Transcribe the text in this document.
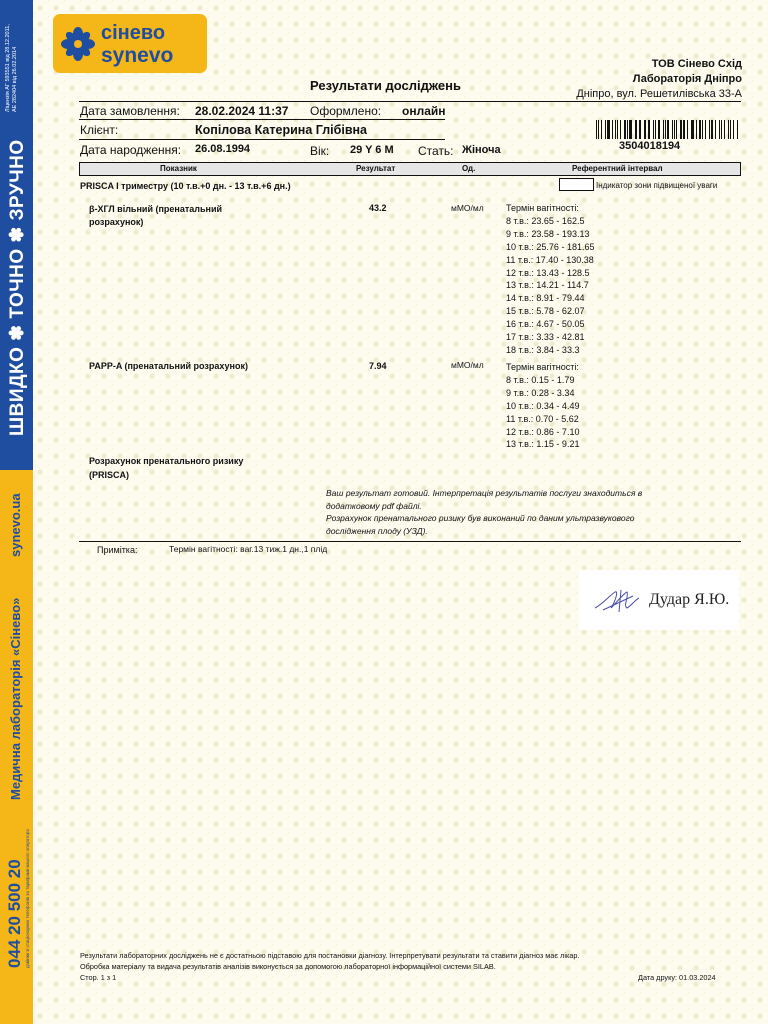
Ліцензія АГ 593551 від 28.12.2011, АЕ 282404 від 26.02.2014
ШВИДКО ✽ ТОЧНО ✽ ЗРУЧНО
synevo.ua
Медична лабораторія «Сінево»
044 20 500 20 дзвінки зі стаціонарних телефонів за тарифами вашого оператора
сінево
synevo
Результати досліджень
ТОВ Сінево Схід
Лабораторія Дніпро
Дніпро, вул. Решетилівська 33-А
Дата замовлення: 28.02.2024 11:37 Оформлено: онлайн
Клієнт:	Копілова Катерина Глібівна
Дата народження: 26.08.1994	Вік: 29 Y 6 M Стать: Жіноча	3504018194
Показник	Результат	Од.	Референтний інтервал
PRISCA I триместру (10 т.в.+0 дн. - 13 т.в.+6 дн.)	Індикатор зони підвищеної уваги
β-ХГЛ вільний (пренатальний
розрахунок)
43.2	мМО/мл Термін вагітності:
8 т.в.: 23.65 - 162.5
9 т.в.: 23.58 - 193.13
10 т.в.: 25.76 - 181.65
11 т.в.: 17.40 - 130.38
12 т.в.: 13.43 - 128.5
13 т.в.: 14.21 - 114.7
14 т.в.: 8.91 - 79.44
15 т.в.: 5.78 - 62.07
16 т.в.: 4.67 - 50.05
17 т.в.: 3.33 - 42.81
18 т.в.: 3.84 - 33.3
PAPP-A (пренатальний розрахунок)	7.94	мМО/мл Термін вагітності:
8 т.в.: 0.15 - 1.79
9 т.в.: 0.28 - 3.34
10 т.в.: 0.34 - 4.49
11 т.в.: 0.70 - 5.62
12 т.в.: 0.86 - 7.10
13 т.в.: 1.15 - 9.21
Розрахунок пренатального ризику
(PRISCA)
Ваш результат готовий. Інтерпретація результатів послуги знаходиться в
додатковому pdf файлі.
Розрахунок пренатального ризику був виконаний по даним ультразвукового
дослідження плоду (УЗД).
Примітка:	Термін вагітності: ваг.13 тиж.1 дн.,1 плід
Дудар Я.Ю.
Результати лабораторних досліджень не є достатньою підставою для постановки діагнозу. Інтерпретувати результати та ставити діагноз має лікар.
Обробка матеріалу та видача результатів аналізів виконується за допомогою лабораторної інформаційної системи SILAB.
Стор. 1 з 1	Дата друку: 01.03.2024
